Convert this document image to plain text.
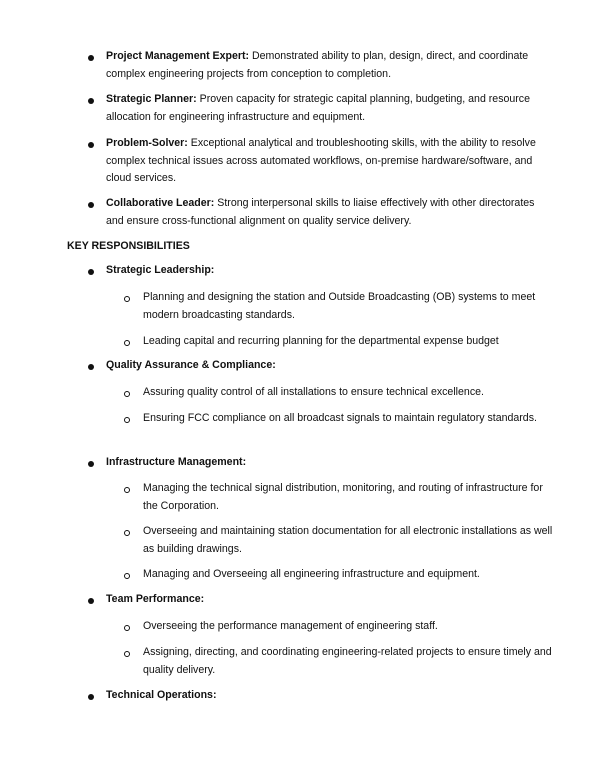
Project Management Expert: Demonstrated ability to plan, design, direct, and coordinate complex engineering projects from conception to completion.
Strategic Planner: Proven capacity for strategic capital planning, budgeting, and resource allocation for engineering infrastructure and equipment.
Problem-Solver: Exceptional analytical and troubleshooting skills, with the ability to resolve complex technical issues across automated workflows, on-premise hardware/software, and cloud services.
Collaborative Leader: Strong interpersonal skills to liaise effectively with other directorates and ensure cross-functional alignment on quality service delivery.
KEY RESPONSIBILITIES
Strategic Leadership:
Planning and designing the station and Outside Broadcasting (OB) systems to meet modern broadcasting standards.
Leading capital and recurring planning for the departmental expense budget
Quality Assurance & Compliance:
Assuring quality control of all installations to ensure technical excellence.
Ensuring FCC compliance on all broadcast signals to maintain regulatory standards.
Infrastructure Management:
Managing the technical signal distribution, monitoring, and routing of infrastructure for the Corporation.
Overseeing and maintaining station documentation for all electronic installations as well as building drawings.
Managing and Overseeing all engineering infrastructure and equipment.
Team Performance:
Overseeing the performance management of engineering staff.
Assigning, directing, and coordinating engineering-related projects to ensure timely and quality delivery.
Technical Operations:
